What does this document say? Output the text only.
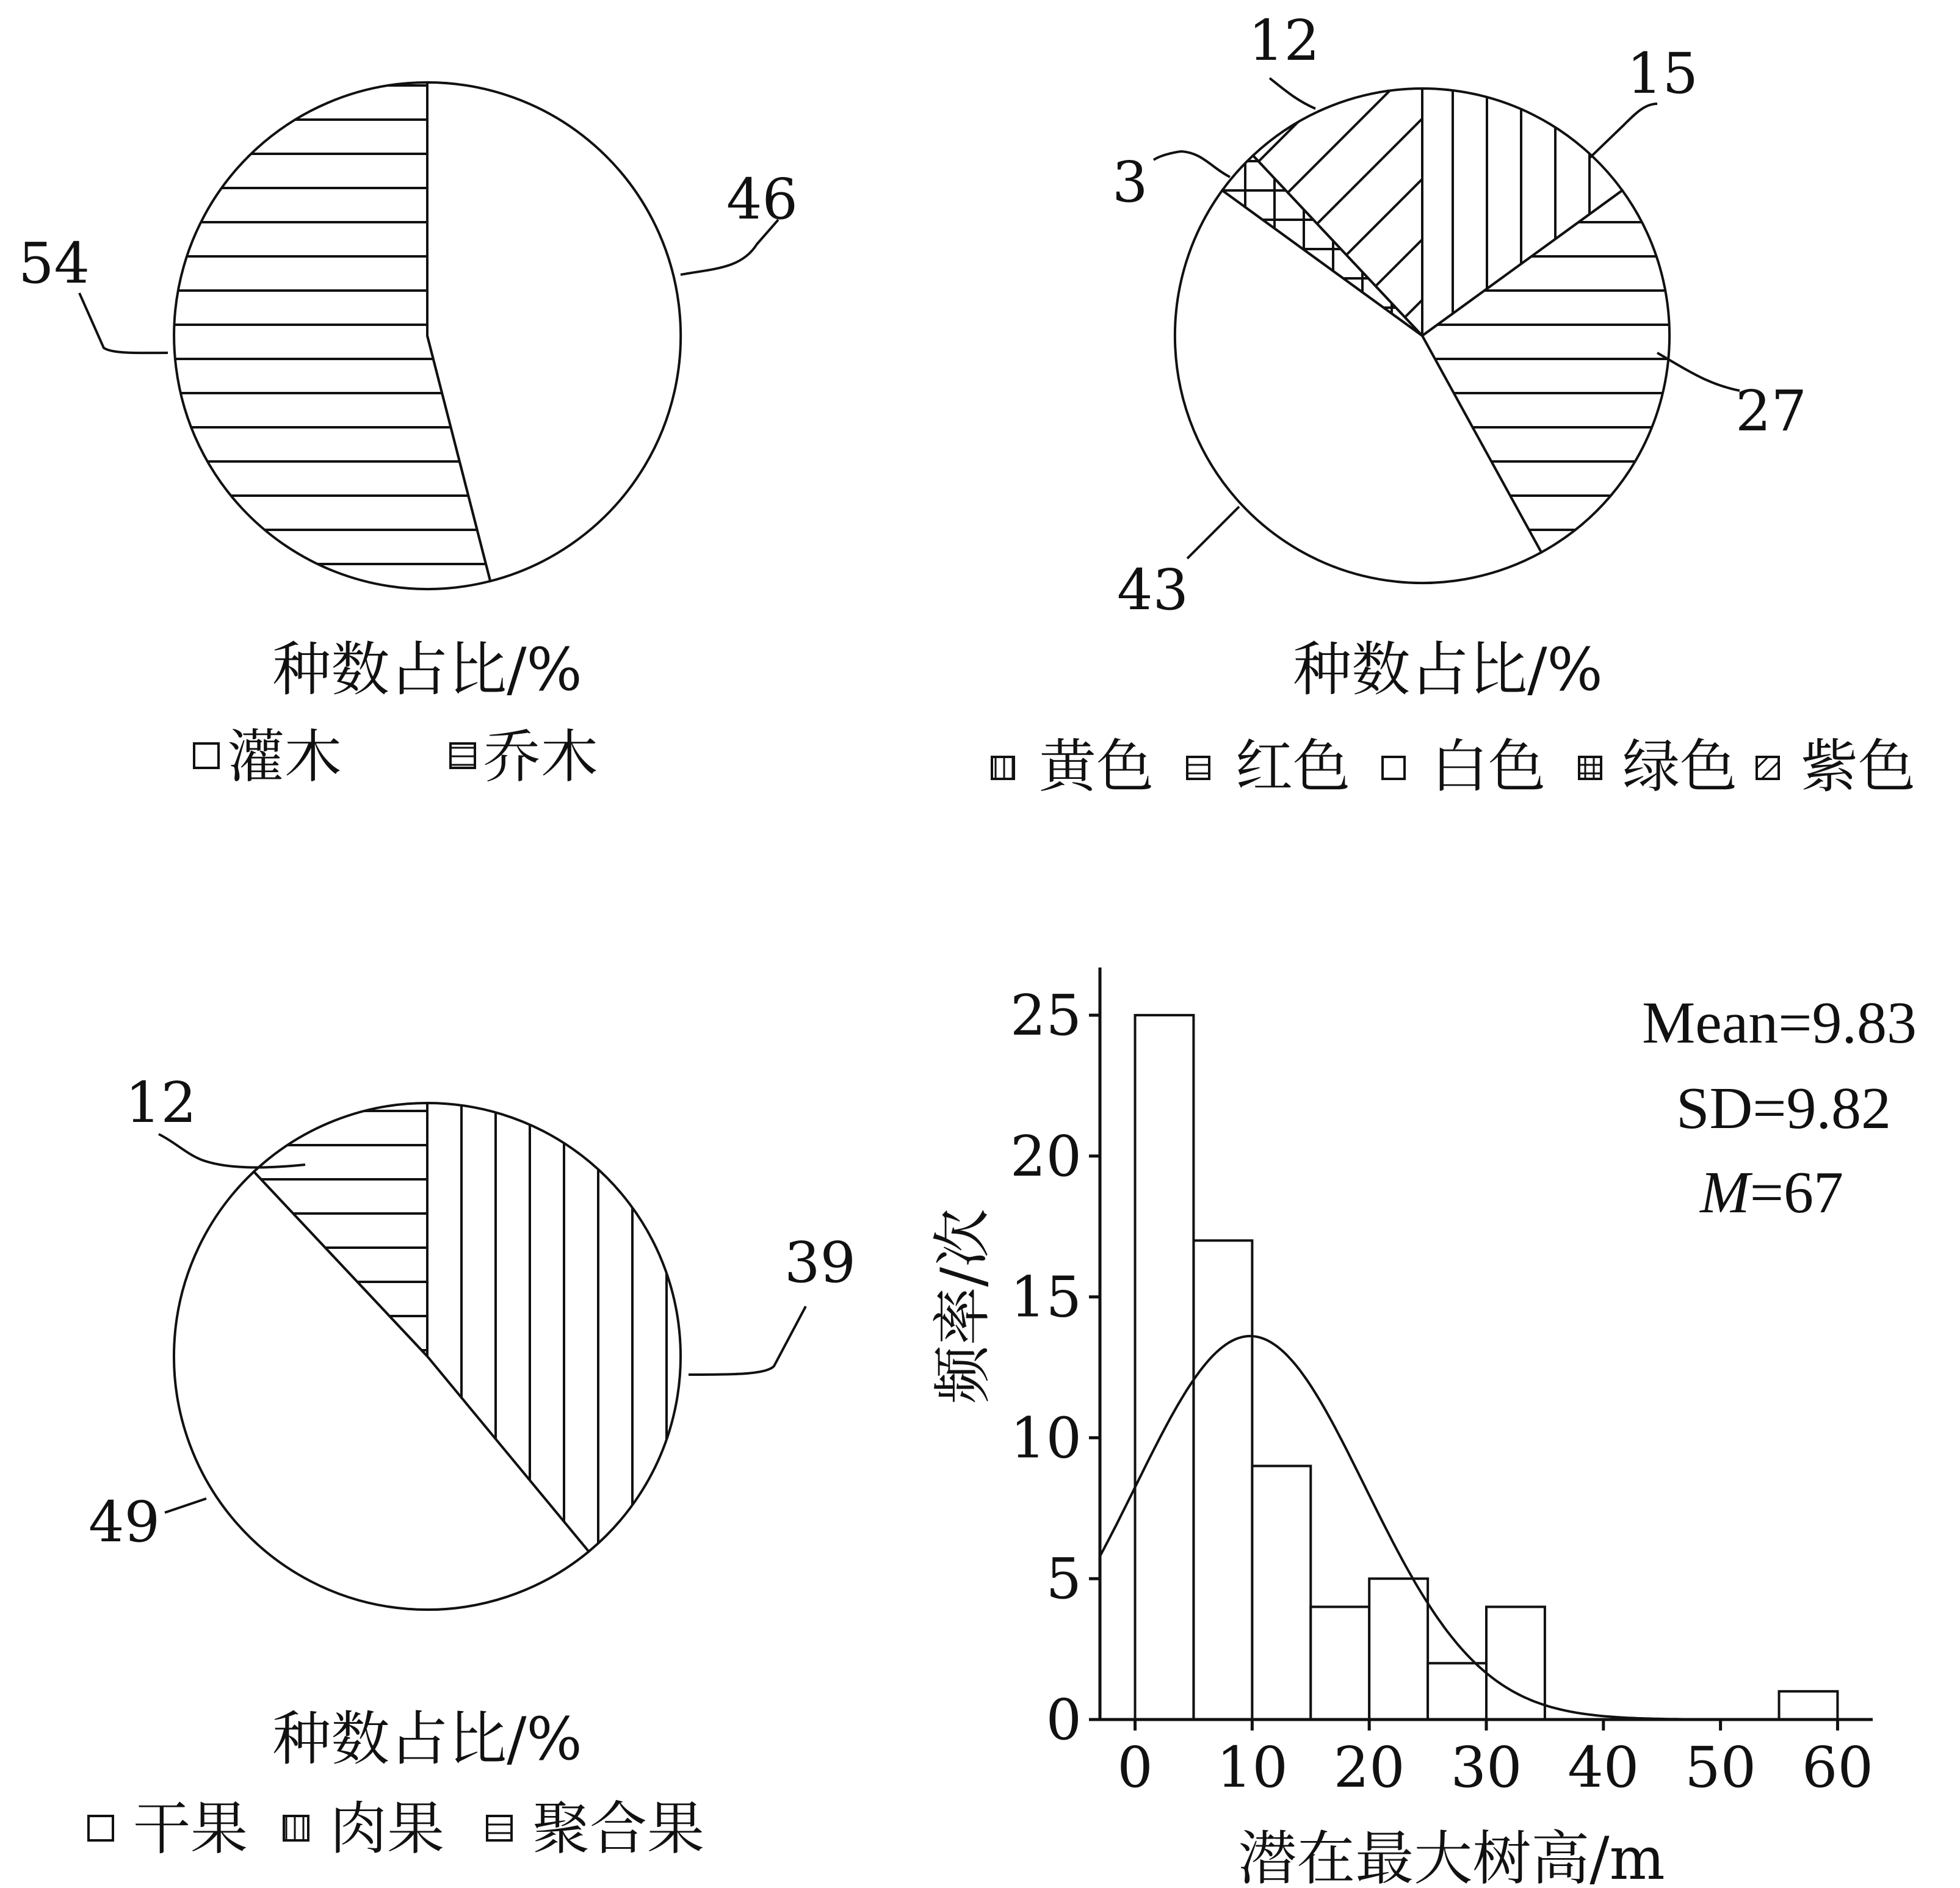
46
54
种数占比/%
灌木 乔木
15
27
43
3
12
种数占比/%
黄色 红色 白色 绿色 紫色
39
49
12
种数占比/%
干果 肉果 聚合果
0
5
10
15
20
25
0 10 20 30 40 50 60
频率/次
潜在最大树高/m
Mean=9.83
SD=9.82
M=67
